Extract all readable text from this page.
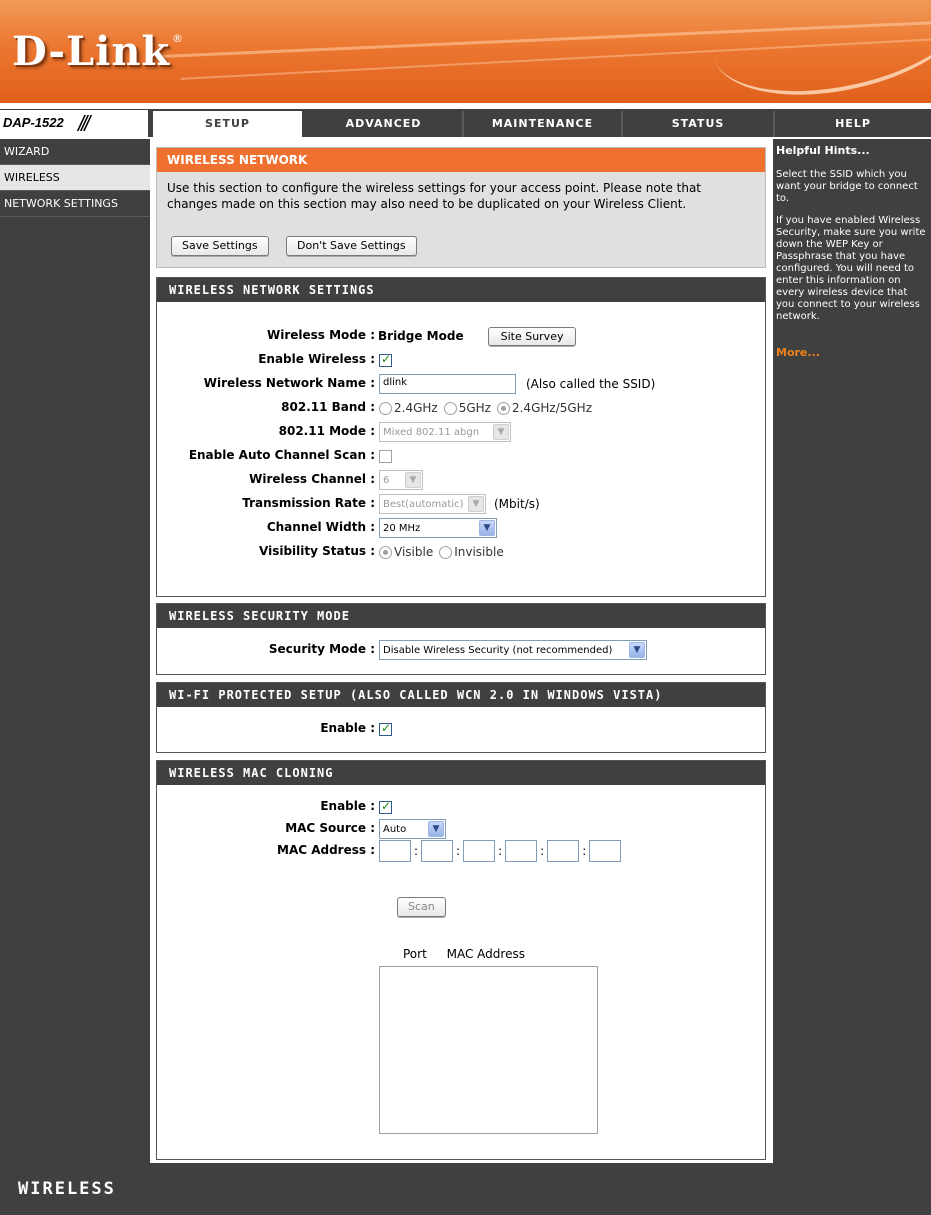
D-Link ®
DAP-1522 ///	SETUP	ADVANCED	MAINTENANCE	STATUS	HELP
WIZARD
WIRELESS
NETWORK SETTINGS
WIRELESS NETWORK
Use this section to configure the wireless settings for your access point. Please note that changes made on this section may also need to be duplicated on your Wireless Client.
Save Settings	Don't Save Settings
WIRELESS NETWORK SETTINGS
Wireless Mode : Bridge Mode	Site Survey
Enable Wireless :
✓
Wireless Network Name : dlink	(Also called the SSID)
802.11 Band : 2.4GHz 5GHz 2.4GHz/5GHz
802.11 Mode : Mixed 802.11 abgn	▼
Enable Auto Channel Scan :
Wireless Channel : 6	▼
Transmission Rate : Best(automatic)	▼	(Mbit/s)
Channel Width : 20 MHz	▼
Visibility Status : Visible Invisible
WIRELESS SECURITY MODE
Security Mode : Disable Wireless Security (not recommended)	▼
WI-FI PROTECTED SETUP (ALSO CALLED WCN 2.0 IN WINDOWS VISTA)
Enable :
✓
WIRELESS MAC CLONING
Enable :
✓
MAC Source : Auto	▼
MAC Address :	:	:	:	:	:
Scan
Port MAC Address
Helpful Hints...
Select the SSID which you want your bridge to connect to.
If you have enabled Wireless Security, make sure you write down the WEP Key or Passphrase that you have configured. You will need to enter this information on every wireless device that you connect to your wireless network.
More...
WIRELESS
